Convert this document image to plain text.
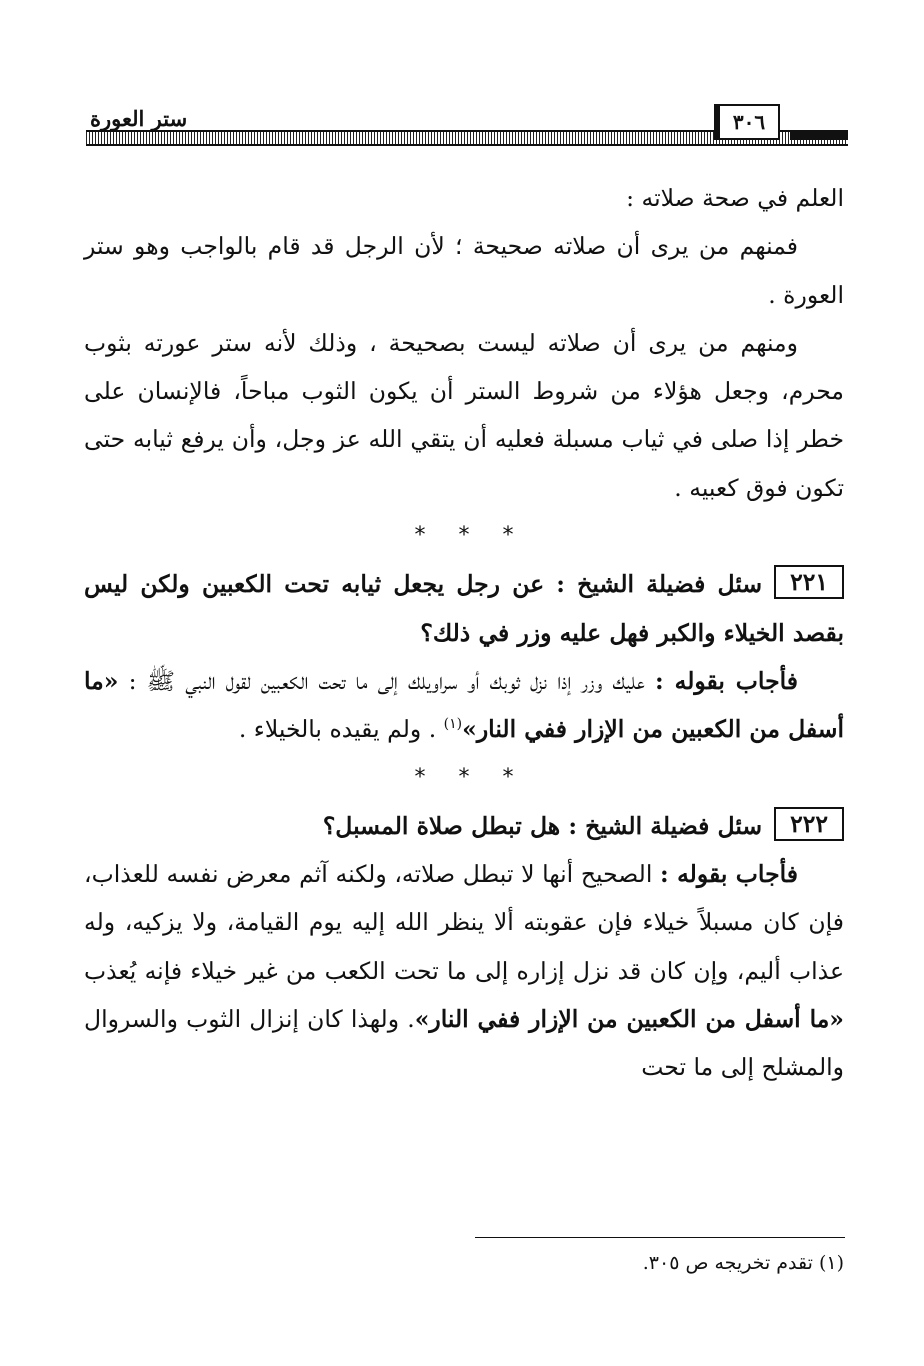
ستر العورة	٣٠٦

العلم في صحة صلاته :

فمنهم من يرى أن صلاته صحيحة ؛ لأن الرجل قد قام بالواجب وهو ستر العورة .

ومنهم من يرى أن صلاته ليست بصحيحة ، وذلك لأنه ستر عورته بثوب محرم، وجعل هؤلاء من شروط الستر أن يكون الثوب مباحاً، فالإنسان على خطر إذا صلى في ثياب مسبلة فعليه أن يتقي الله عز وجل، وأن يرفع ثيابه حتى تكون فوق كعبيه .

* * *

٢٢١سئل فضيلة الشيخ : عن رجل يجعل ثيابه تحت الكعبين ولكن ليس بقصد الخيلاء والكبر فهل عليه وزر في ذلك؟

فأجاب بقوله : عليك وزر إذا نزل ثوبك أو سراويلك إلى ما تحت الكعبين لقول النبي ﷺ : «ما أسفل من الكعبين من الإزار ففي النار»$^{(١)}$ . ولم يقيده بالخيلاء .

* * *

٢٢٢سئل فضيلة الشيخ : هل تبطل صلاة المسبل؟

فأجاب بقوله : الصحيح أنها لا تبطل صلاته، ولكنه آثم معرض نفسه للعذاب، فإن كان مسبلاً خيلاء فإن عقوبته ألا ينظر الله إليه يوم القيامة، ولا يزكيه، وله عذاب أليم، وإن كان قد نزل إزاره إلى ما تحت الكعب من غير خيلاء فإنه يُعذب «ما أسفل من الكعبين من الإزار ففي النار». ولهذا كان إنزال الثوب والسروال والمشلح إلى ما تحت

(١) تقدم تخريجه ص ٣٠٥.
